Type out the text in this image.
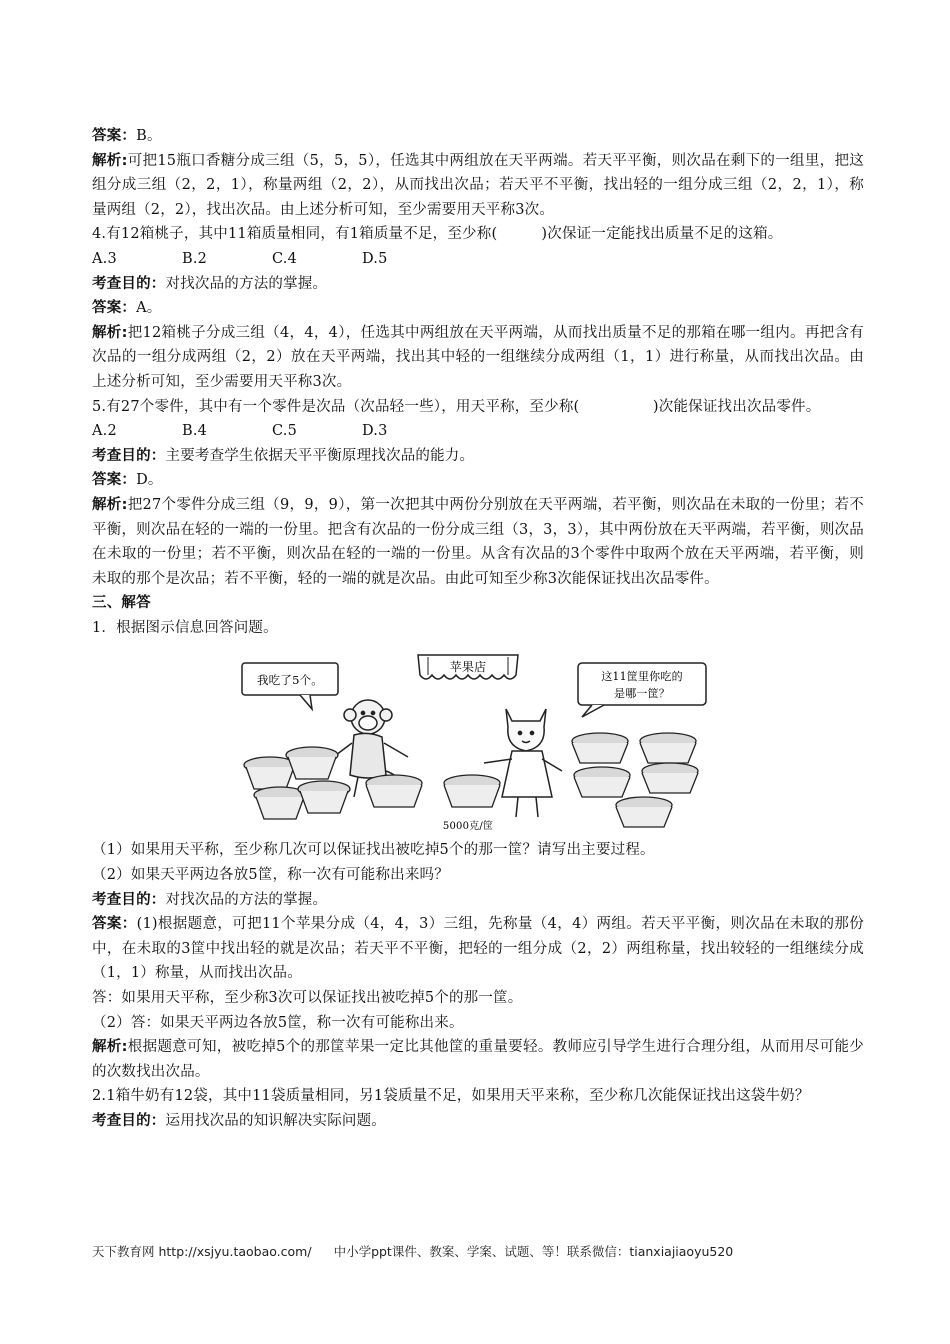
答案：B。

解析:可把15瓶口香糖分成三组（5，5，5），任选其中两组放在天平两端。若天平平衡，则次品在剩下的一组里，把这组分成三组（2，2，1），称量两组（2，2），从而找出次品；若天平不平衡，找出轻的一组分成三组（2，2，1），称量两组（2，2），找出次品。由上述分析可知，至少需要用天平称3次。

4.有12箱桃子，其中11箱质量相同，有1箱质量不足，至少称(　　　)次保证一定能找出质量不足的这箱。

A.3	B.2	C.4	D.5

考查目的：对找次品的方法的掌握。

答案：A。

解析:把12箱桃子分成三组（4，4，4），任选其中两组放在天平两端，从而找出质量不足的那箱在哪一组内。再把含有次品的一组分成两组（2，2）放在天平两端，找出其中轻的一组继续分成两组（1，1）进行称量，从而找出次品。由上述分析可知，至少需要用天平称3次。

5.有27个零件，其中有一个零件是次品（次品轻一些），用天平称，至少称(　　　　　)次能保证找出次品零件。

A.2	B.4	C.5	D.3

考查目的：主要考查学生依据天平平衡原理找次品的能力。

答案：D。

解析:把27个零件分成三组（9，9，9），第一次把其中两份分别放在天平两端，若平衡，则次品在未取的一份里；若不平衡，则次品在轻的一端的一份里。把含有次品的一份分成三组（3，3，3），其中两份放在天平两端，若平衡，则次品在未取的一份里；若不平衡，则次品在轻的一端的一份里。从含有次品的3个零件中取两个放在天平两端，若平衡，则未取的那个是次品；若不平衡，轻的一端的就是次品。由此可知至少称3次能保证找出次品零件。

三、解答

1．根据图示信息回答问题。

苹果店
我吃了5个。	这11筐里你吃的
是哪一筐？
5000克/筐

（1）如果用天平称，至少称几次可以保证找出被吃掉5个的那一筐？请写出主要过程。

（2）如果天平两边各放5筐，称一次有可能称出来吗？

考查目的：对找次品的方法的掌握。

答案：(1)根据题意，可把11个苹果分成（4，4，3）三组，先称量（4，4）两组。若天平平衡，则次品在未取的那份中，在未取的3筐中找出轻的就是次品；若天平不平衡，把轻的一组分成（2，2）两组称量，找出较轻的一组继续分成（1，1）称量，从而找出次品。

答：如果用天平称，至少称3次可以保证找出被吃掉5个的那一筐。

（2）答：如果天平两边各放5筐，称一次有可能称出来。

解析:根据题意可知，被吃掉5个的那筐苹果一定比其他筐的重量要轻。教师应引导学生进行合理分组，从而用尽可能少的次数找出次品。

2.1箱牛奶有12袋，其中11袋质量相同，另1袋质量不足，如果用天平来称，至少称几次能保证找出这袋牛奶？

考查目的：运用找次品的知识解决实际问题。

天下教育网 http://xsjyu.taobao.com/ 中小学ppt课件、教案、学案、试题、等！联系微信：tianxiajiaoyu520
